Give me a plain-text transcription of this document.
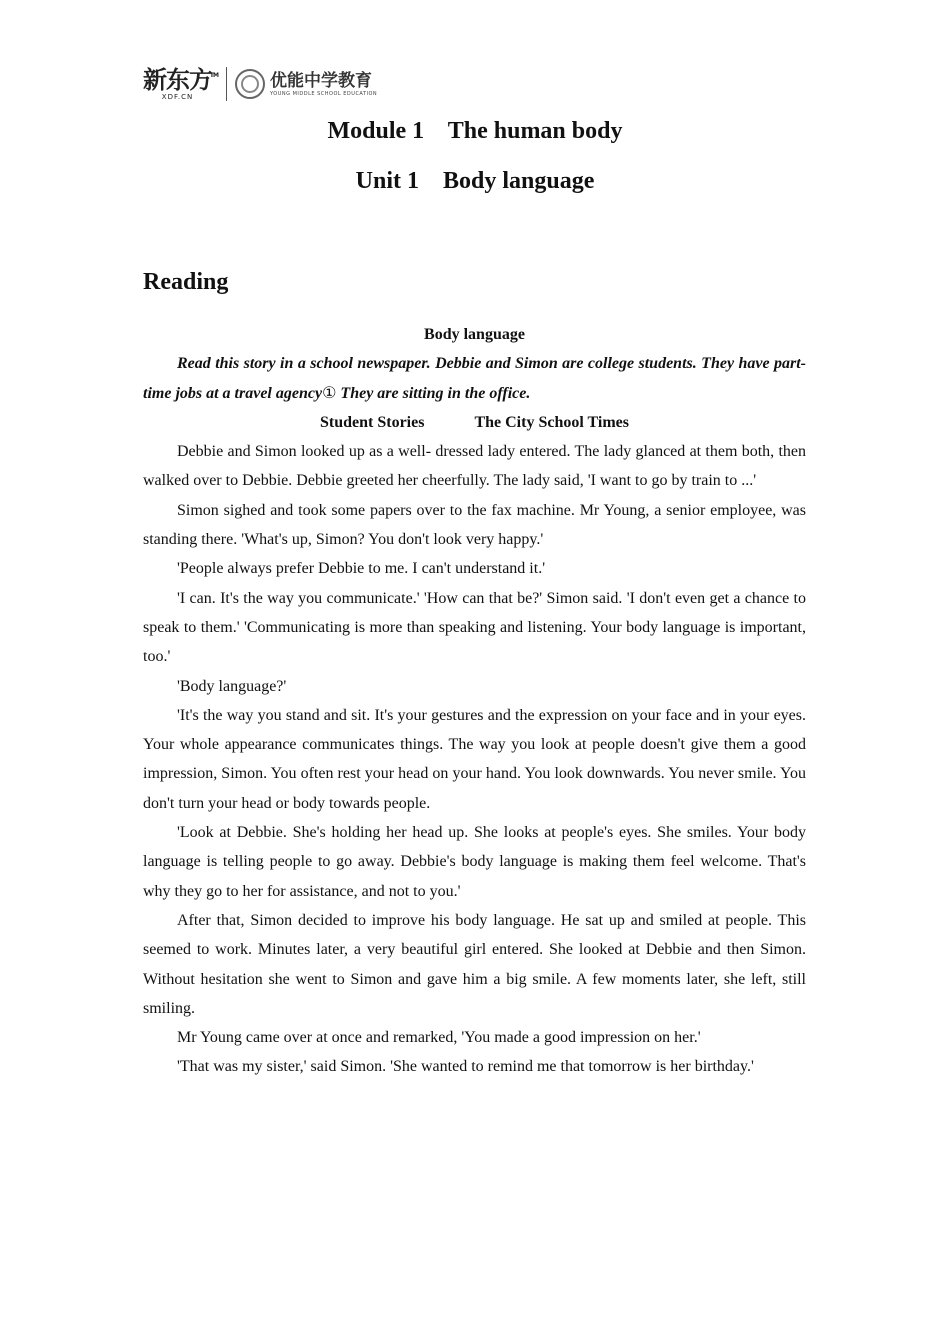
新东方
TM
XDF.CN
优能中学教育
YOUNG MIDDLE SCHOOL EDUCATION
Module 1    The human body
Unit 1    Body language
Reading
Body language
Read this story in a school newspaper. Debbie and Simon are college students. They have part-time jobs at a travel agency① They are sitting in the office.
Student Stories	The City School Times

Debbie and Simon looked up as a well- dressed lady entered. The lady glanced at them both, then walked over to Debbie. Debbie greeted her cheerfully. The lady said, 'I want to go by train to ...'

Simon sighed and took some papers over to the fax machine. Mr Young, a senior employee, was standing there. 'What's up, Simon? You don't look very happy.'

'People always prefer Debbie to me. I can't understand it.'

'I can. It's the way you communicate.' 'How can that be?' Simon said. 'I don't even get a chance to speak to them.' 'Communicating is more than speaking and listening. Your body language is important, too.'

'Body language?'

'It's the way you stand and sit. It's your gestures and the expression on your face and in your eyes. Your whole appearance communicates things. The way you look at people doesn't give them a good impression, Simon. You often rest your head on your hand. You look downwards. You never smile. You don't turn your head or body towards people.

'Look at Debbie. She's holding her head up. She looks at people's eyes. She smiles. Your body language is telling people to go away. Debbie's body language is making them feel welcome. That's why they go to her for assistance, and not to you.'

After that, Simon decided to improve his body language. He sat up and smiled at people. This seemed to work. Minutes later, a very beautiful girl entered. She looked at Debbie and then Simon. Without hesitation she went to Simon and gave him a big smile. A few moments later, she left, still smiling.

Mr Young came over at once and remarked, 'You made a good impression on her.'

'That was my sister,' said Simon. 'She wanted to remind me that tomorrow is her birthday.'
